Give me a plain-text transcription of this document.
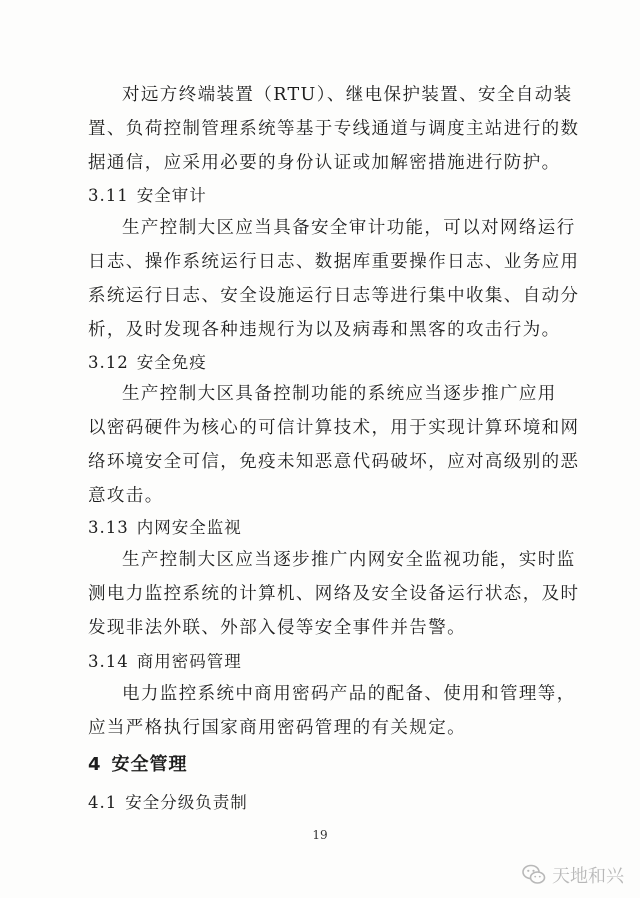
对远方终端装置（RTU）、继电保护装置、安全自动装
置、负荷控制管理系统等基于专线通道与调度主站进行的数
据通信，应采用必要的身份认证或加解密措施进行防护。
3.11 安全审计
生产控制大区应当具备安全审计功能，可以对网络运行
日志、操作系统运行日志、数据库重要操作日志、业务应用
系统运行日志、安全设施运行日志等进行集中收集、自动分
析，及时发现各种违规行为以及病毒和黑客的攻击行为。
3.12 安全免疫
生产控制大区具备控制功能的系统应当逐步推广应用
以密码硬件为核心的可信计算技术，用于实现计算环境和网
络环境安全可信，免疫未知恶意代码破坏，应对高级别的恶
意攻击。
3.13 内网安全监视
生产控制大区应当逐步推广内网安全监视功能，实时监
测电力监控系统的计算机、网络及安全设备运行状态，及时
发现非法外联、外部入侵等安全事件并告警。
3.14 商用密码管理
电力监控系统中商用密码产品的配备、使用和管理等，
应当严格执行国家商用密码管理的有关规定。
4 安全管理
4.1 安全分级负责制
19
天地和兴
